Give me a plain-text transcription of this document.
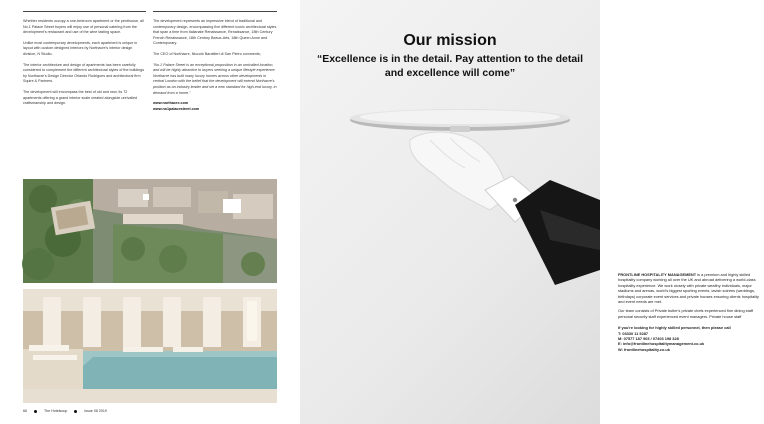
Whether residents occupy a one-bedroom apartment or the penthouse, all No.1 Palace Street buyers will enjoy use of personal catering from the development's restaurant and use of the wine tasting space.

Unlike most contemporary developments, each apartment is unique in layout with custom designed interiors by Northacre's interior design division, N Studio.

The interior architecture and design of apartments has been carefully considered to complement the different architectural styles of the buildings by Northacre's Design Director Orlando Rodrigues and architectural firm Squire & Partners.

The development will encompass the best of old and new, its 72 apartments offering a grand interior scale created alongside unrivalled craftsmanship and design.

The development represents an impressive blend of traditional and contemporary design, encompassing five different iconic architectural styles that span a time from Italianate Renaissance, Renaissance, 18th Century French Renaissance, 18th Century Beaux-Arts, 18th Queen Anne and Contemporary.

The CEO of Northacre, Niccolò Barattieri di San Pietro comments;

"No.1 Palace Street is an exceptional proposition in an unrivalled location, and will be highly attractive to buyers seeking a unique lifestyle experience. Northacre has built many luxury homes across other developments in central London with the belief that the development will extend Northacre's position as an industry leader and set a new standard for high-end luxury, in demand from a home."

www.northacre.com

www.no1palacestreet.com

66	The Hotelsoup	Issue 08 2019

FRONTLINE HOSPITALITY MANAGEMENT is a premium and highly skilled hospitality company working all over the UK and abroad delivering a world-class hospitality experience. We work closely with private wealthy individuals, major stadiums and arenas, world's biggest sporting events, lavish soirées (weddings, birthdays) corporate event services and private houses ensuring clients hospitality and event needs are met.

Our team consists of Private butler's private chefs experienced fine dining staff personal security staff experienced event managers. Private house staff

If you're looking for highly skilled personnel, then please call
T: 03330 11 5287
M: 07577 187 903 / 07403 198 328
E: info@frontlinehospitalitymanagement.co.uk
W: frontlinehospitality.co.uk
Our mission
“Excellence is in the detail. Pay attention to the detail and excellence will come”
